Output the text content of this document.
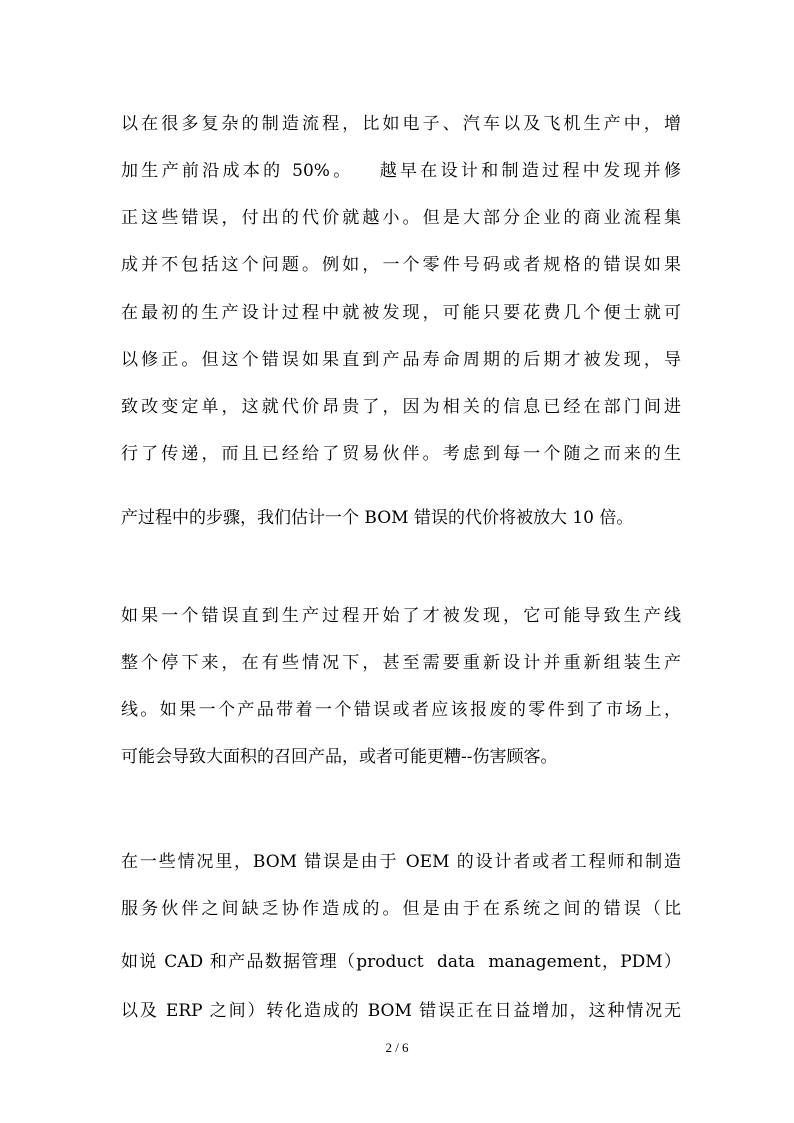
以在很多复杂的制造流程，比如电子、汽车以及飞机生产中，增
加生产前沿成本的 50%。   越早在设计和制造过程中发现并修
正这些错误，付出的代价就越小。但是大部分企业的商业流程集
成并不包括这个问题。例如，一个零件号码或者规格的错误如果
在最初的生产设计过程中就被发现，可能只要花费几个便士就可
以修正。但这个错误如果直到产品寿命周期的后期才被发现，导
致改变定单，这就代价昂贵了，因为相关的信息已经在部门间进
行了传递，而且已经给了贸易伙伴。考虑到每一个随之而来的生
产过程中的步骤，我们估计一个 BOM 错误的代价将被放大 10 倍。
如果一个错误直到生产过程开始了才被发现，它可能导致生产线
整个停下来，在有些情况下，甚至需要重新设计并重新组装生产
线。如果一个产品带着一个错误或者应该报废的零件到了市场上，
可能会导致大面积的召回产品，或者可能更糟--伤害顾客。
在一些情况里，BOM 错误是由于 OEM 的设计者或者工程师和制造
服务伙伴之间缺乏协作造成的。但是由于在系统之间的错误（比
如说 CAD 和产品数据管理（product  data  management，PDM）
以及 ERP 之间）转化造成的 BOM 错误正在日益增加，这种情况无
2 / 6
